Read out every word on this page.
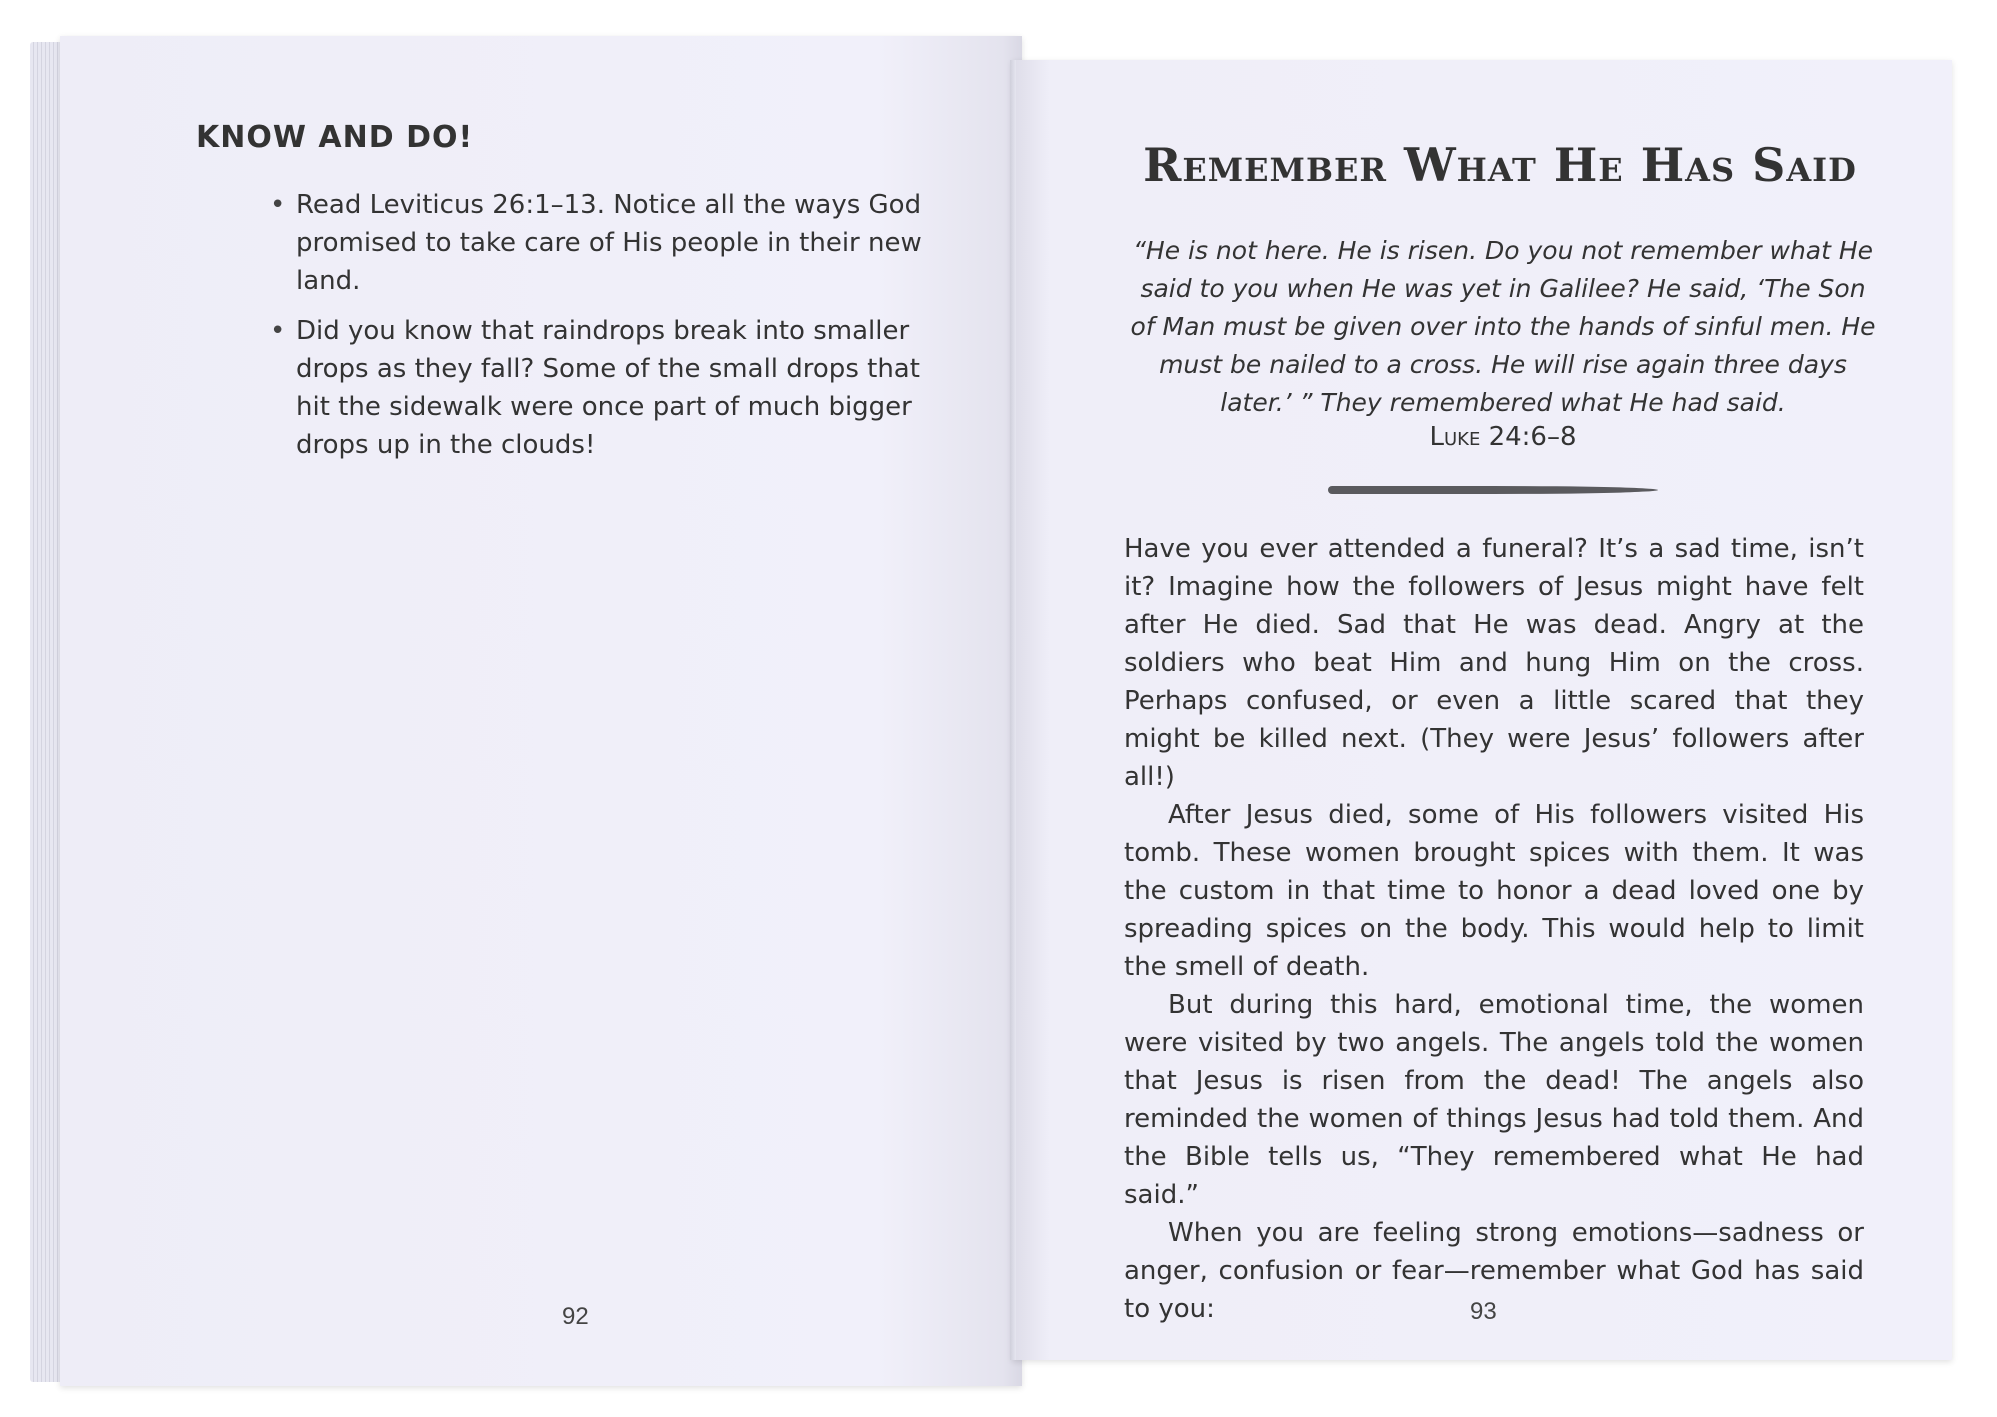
KNOW AND DO!
• Read Leviticus 26:1–13. Notice all the ways God promised to take care of His people in their new land.
• Did you know that raindrops break into smaller drops as they fall? Some of the small drops that hit the sidewalk were once part of much bigger drops up in the clouds!
92
Remember What He Has Said
“He is not here. He is risen. Do you not remember what He said to you when He was yet in Galilee? He said, ‘The Son of Man must be given over into the hands of sinful men. He must be nailed to a cross. He will rise again three days later.’ ” They remembered what He had said.
Luke 24:6–8

Have you ever attended a funeral? It’s a sad time, isn’t it? Imagine how the followers of Jesus might have felt after He died. Sad that He was dead. Angry at the soldiers who beat Him and hung Him on the cross. Perhaps confused, or even a little scared that they might be killed next. (They were Jesus’ followers after all!)

After Jesus died, some of His followers visited His tomb. These women brought spices with them. It was the custom in that time to honor a dead loved one by spreading spices on the body. This would help to limit the smell of death.

But during this hard, emotional time, the women were visited by two angels. The angels told the women that Jesus is risen from the dead! The angels also reminded the women of things Jesus had told them. And the Bible tells us, “They remembered what He had said.”

When you are feeling strong emotions—sadness or anger, confusion or fear—remember what God has said to you:	93
